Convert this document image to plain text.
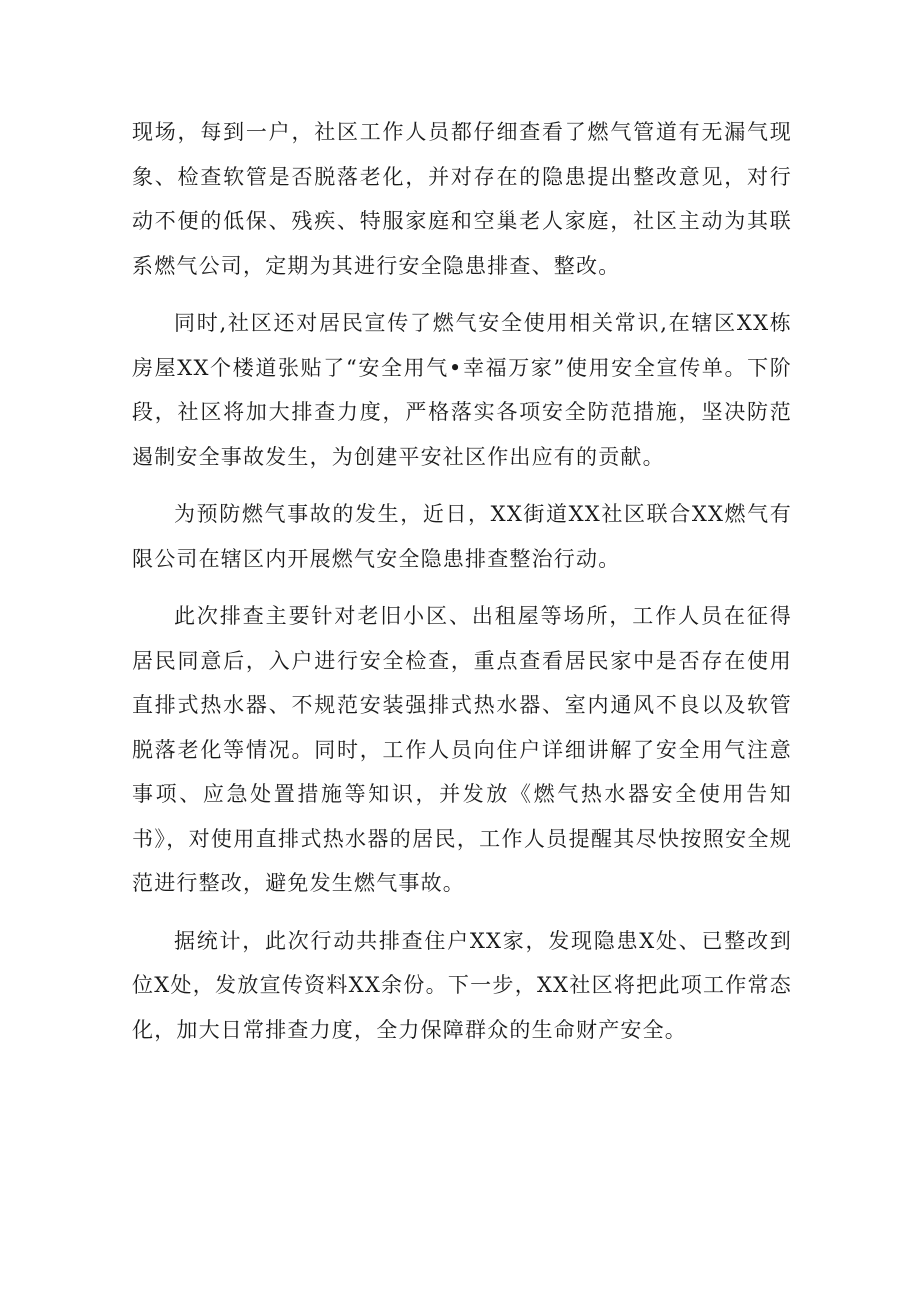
现场，每到一户，社区工作人员都仔细查看了燃气管道有无漏气现象、检查软管是否脱落老化，并对存在的隐患提出整改意见，对行动不便的低保、残疾、特服家庭和空巢老人家庭，社区主动为其联系燃气公司，定期为其进行安全隐患排查、整改。

同时,社区还对居民宣传了燃气安全使用相关常识,在辖区XX栋房屋XX个楼道张贴了“安全用气•幸福万家”使用安全宣传单。下阶段，社区将加大排查力度，严格落实各项安全防范措施，坚决防范遏制安全事故发生，为创建平安社区作出应有的贡献。

为预防燃气事故的发生，近日，XX街道XX社区联合XX燃气有限公司在辖区内开展燃气安全隐患排查整治行动。

此次排查主要针对老旧小区、出租屋等场所，工作人员在征得居民同意后，入户进行安全检查，重点查看居民家中是否存在使用直排式热水器、不规范安装强排式热水器、室内通风不良以及软管脱落老化等情况。同时，工作人员向住户详细讲解了安全用气注意事项、应急处置措施等知识，并发放《燃气热水器安全使用告知书》，对使用直排式热水器的居民，工作人员提醒其尽快按照安全规范进行整改，避免发生燃气事故。

据统计，此次行动共排查住户XX家，发现隐患X处、已整改到位X处，发放宣传资料XX余份。下一步，XX社区将把此项工作常态化，加大日常排查力度，全力保障群众的生命财产安全。
